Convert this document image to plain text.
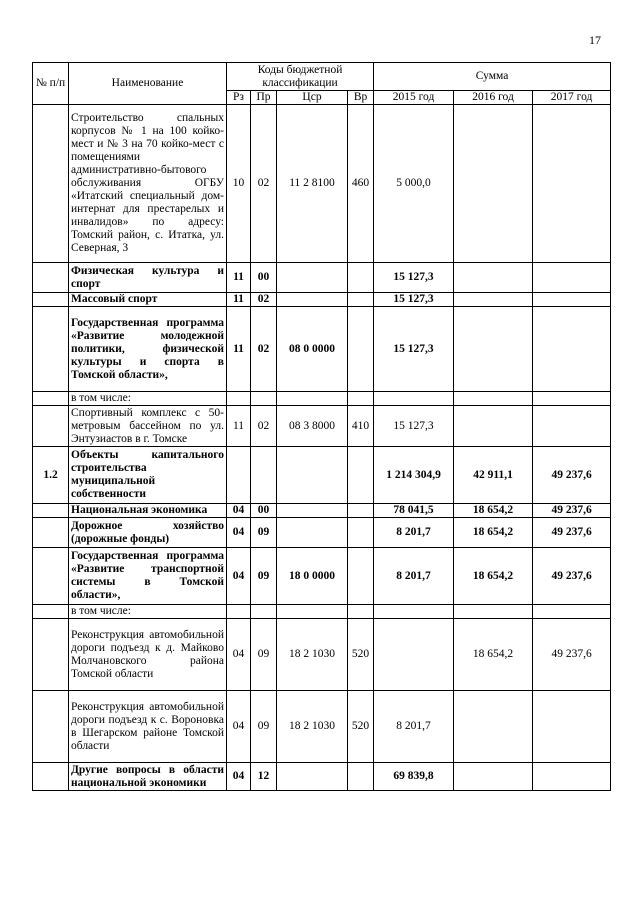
17
№ п/п	Наименование	Коды бюджетной классификации				Сумма		
		Рз	Пр	Цср	Вр	2015 год	2016 год	2017 год
	Строительство спальных корпусов № 1 на 100 койко-мест и № 3 на 70 койко-мест с помещениями административно-бытового обслуживания ОГБУ «Итатский специальный дом-интернат для престарелых и инвалидов» по адресу: Томский район, с. Итатка, ул. Северная, 3	10	02	11 2 8100	460	5 000,0		
	Физическая культура и спорт	11	00			15 127,3		
	Массовый спорт	11	02			15 127,3		
	Государственная программа «Развитие молодежной политики, физической культуры и спорта в Томской области»,	11	02	08 0 0000		15 127,3		
	в том числе:							
	Спортивный комплекс с 50-метровым бассейном по ул. Энтузиастов в г. Томске	11	02	08 3 8000	410	15 127,3		
1.2	Объекты капитального строительства муниципальной собственности					1 214 304,9	42 911,1	49 237,6
	Национальная экономика	04	00			78 041,5	18 654,2	49 237,6
	Дорожное хозяйство (дорожные фонды)	04	09			8 201,7	18 654,2	49 237,6
	Государственная программа «Развитие транспортной системы в Томской области»,	04	09	18 0 0000		8 201,7	18 654,2	49 237,6
	в том числе:							
	Реконструкция автомобильной дороги подъезд к д. Майково Молчановского района Томской области	04	09	18 2 1030	520		18 654,2	49 237,6
	Реконструкция автомобильной дороги подъезд к с. Вороновка в Шегарском районе Томской области	04	09	18 2 1030	520	8 201,7		
	Другие вопросы в области национальной экономики	04	12			69 839,8		
